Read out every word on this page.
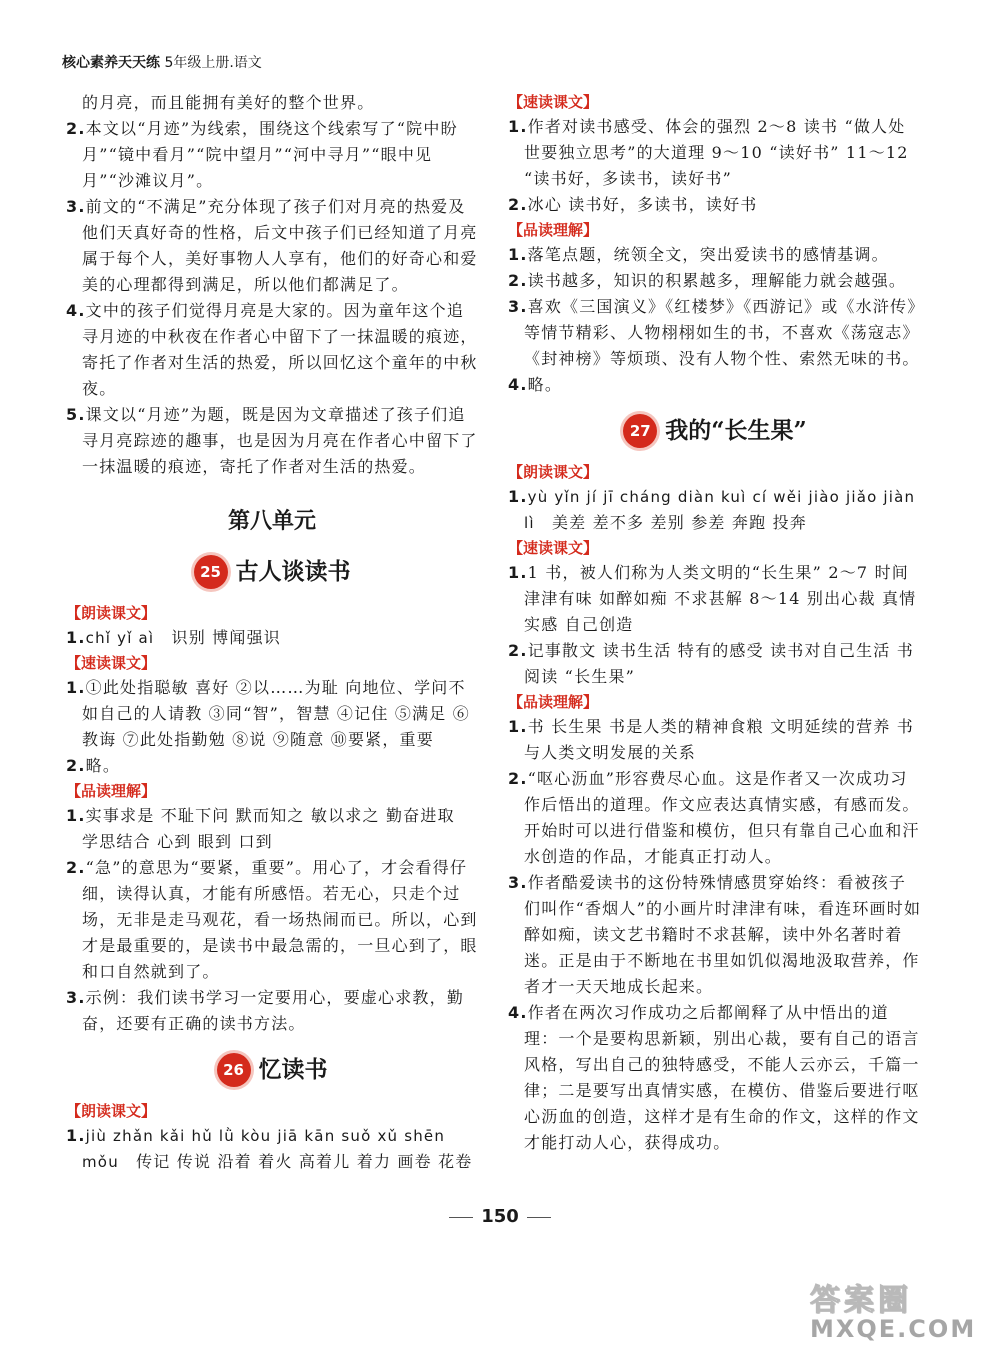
核心素养天天练 5年级上册.语文

的月亮，而且能拥有美好的整个世界。

2.本文以“月迹”为线索，围绕这个线索写了“院中盼月”“镜中看月”“院中望月”“河中寻月”“眼中见月”“沙滩议月”。

3.前文的“不满足”充分体现了孩子们对月亮的热爱及他们天真好奇的性格，后文中孩子们已经知道了月亮属于每个人，美好事物人人享有，他们的好奇心和爱美的心理都得到满足，所以他们都满足了。

4.文中的孩子们觉得月亮是大家的。因为童年这个追寻月迹的中秋夜在作者心中留下了一抹温暖的痕迹，寄托了作者对生活的热爱，所以回忆这个童年的中秋夜。

5.课文以“月迹”为题，既是因为文章描述了孩子们追寻月亮踪迹的趣事，也是因为月亮在作者心中留下了一抹温暖的痕迹，寄托了作者对生活的热爱。

第八单元
25 古人谈读书
【朗读课文】

1.chǐ yǐ aì　 识别 博闻强识

【速读课文】

1.①此处指聪敏 喜好 ②以……为耻 向地位、学问不如自己的人请教 ③同“智”，智慧 ④记住 ⑤满足 ⑥教诲 ⑦此处指勤勉 ⑧说 ⑨随意 ⑩要紧，重要

2.略。

【品读理解】

1.实事求是 不耻下问 默而知之 敏以求之 勤奋进取 学思结合 心到 眼到 口到

2.“急”的意思为“要紧，重要”。用心了，才会看得仔细，读得认真，才能有所感悟。若无心，只走个过场，无非是走马观花，看一场热闹而已。所以，心到才是最重要的，是读书中最急需的，一旦心到了，眼和口自然就到了。

3.示例：我们读书学习一定要用心，要虚心求教，勤奋，还要有正确的读书方法。

26 忆读书
【朗读课文】

1.jiù zhǎn kǎi hǔ lǜ kòu jiā kān suǒ xǔ shēn mǒu　 传记 传说 沿着 着火 高着儿 着力 画卷 花卷

【速读课文】

1.作者对读书感受、体会的强烈 2～8 读书 “做人处世要独立思考”的大道理 9～10 “读好书” 11～12 “读书好，多读书，读好书”

2.冰心 读书好，多读书，读好书

【品读理解】

1.落笔点题，统领全文，突出爱读书的感情基调。

2.读书越多，知识的积累越多，理解能力就会越强。

3.喜欢《三国演义》《红楼梦》《西游记》或《水浒传》等情节精彩、人物栩栩如生的书，不喜欢《荡寇志》《封神榜》等烦琐、没有人物个性、索然无味的书。

4.略。

27 我的“长生果”
【朗读课文】

1.yù yǐn jí jī cháng diàn kuì cí wěi jiào jiǎo jiàn lì　 美差 差不多 差别 参差 奔跑 投奔

【速读课文】

1.1 书，被人们称为人类文明的“长生果” 2～7 时间 津津有味 如醉如痴 不求甚解 8～14 别出心裁 真情实感 自己创造

2.记事散文 读书生活 特有的感受 读书对自己生活 书 阅读 “长生果”

【品读理解】

1.书 长生果 书是人类的精神食粮 文明延续的营养 书与人类文明发展的关系

2.“呕心沥血”形容费尽心血。这是作者又一次成功习作后悟出的道理。作文应表达真情实感，有感而发。开始时可以进行借鉴和模仿，但只有靠自己心血和汗水创造的作品，才能真正打动人。

3.作者酷爱读书的这份特殊情感贯穿始终：看被孩子们叫作“香烟人”的小画片时津津有味，看连环画时如醉如痴，读文艺书籍时不求甚解，读中外名著时着迷。正是由于不断地在书里如饥似渴地汲取营养，作者才一天天地成长起来。

4.作者在两次习作成功之后都阐释了从中悟出的道理：一个是要构思新颖，别出心裁，要有自己的语言风格，写出自己的独特感受，不能人云亦云，千篇一律；二是要写出真情实感，在模仿、借鉴后要进行呕心沥血的创造，这样才是有生命的作文，这样的作文才能打动人心，获得成功。

150
答案圈
MXQE.COM
